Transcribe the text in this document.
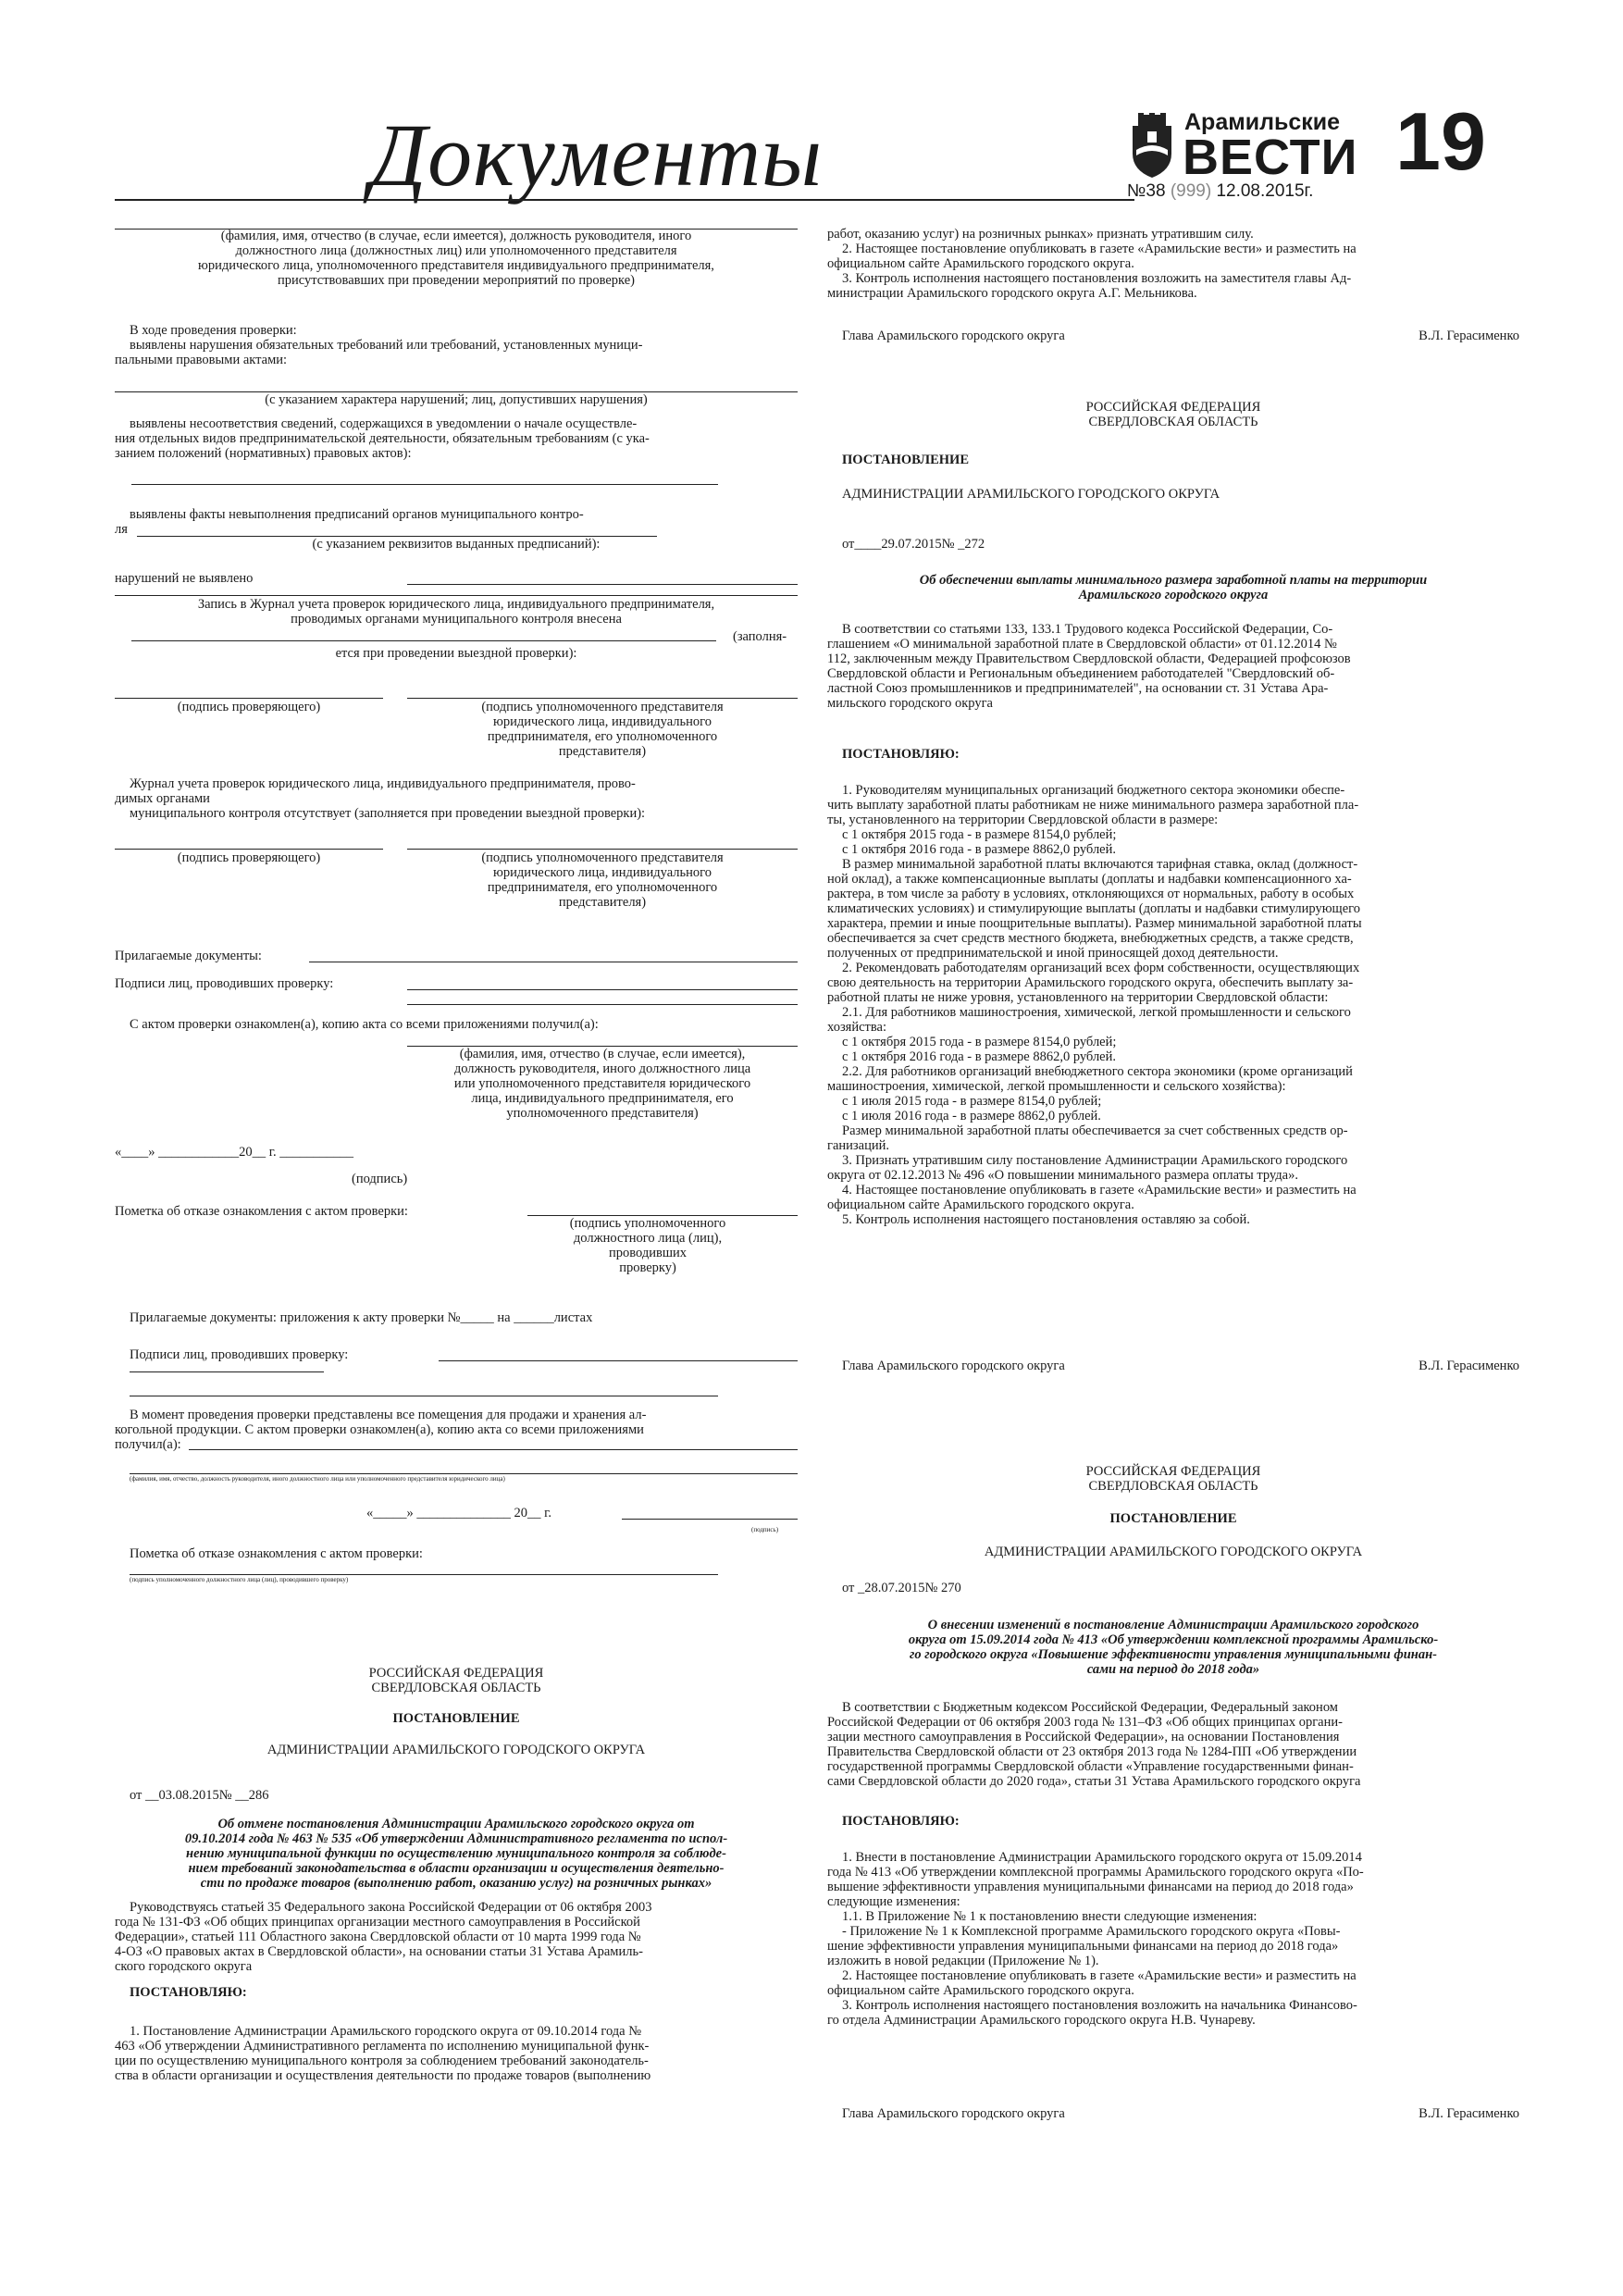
Документы	Арамильские
ВЕСТИ
№38 (999) 12.08.2015г.
19
(фамилия, имя, отчество (в случае, если имеется), должность руководителя, иного
должностного лица (должностных лиц) или уполномоченного представителя
юридического лица, уполномоченного представителя индивидуального предпринимателя,
присутствовавших при проведении мероприятий по проверке)
В ходе проведения проверки:
выявлены нарушения обязательных требований или требований, установленных муници-
пальными правовыми актами:
(с указанием характера нарушений; лиц, допустивших нарушения)
выявлены несоответствия сведений, содержащихся в уведомлении о начале осуществле-
ния отдельных видов предпринимательской деятельности, обязательным требованиям (с ука-
занием положений (нормативных) правовых актов):
выявлены факты невыполнения предписаний органов муниципального контро-
ля
(с указанием реквизитов выданных предписаний):
нарушений не выявлено
Запись в Журнал учета проверок юридического лица, индивидуального предпринимателя,
проводимых органами муниципального контроля внесена
(заполня-
ется при проведении выездной проверки):
(подпись проверяющего)	(подпись уполномоченного представителя
юридического лица, индивидуального
предпринимателя, его уполномоченного
представителя)
Журнал учета проверок юридического лица, индивидуального предпринимателя, прово-
димых органами
муниципального контроля отсутствует (заполняется при проведении выездной проверки):
(подпись проверяющего)	(подпись уполномоченного представителя
юридического лица, индивидуального
предпринимателя, его уполномоченного
представителя)
Прилагаемые документы:
Подписи лиц, проводивших проверку:
С актом проверки ознакомлен(а), копию акта со всеми приложениями получил(а):
(фамилия, имя, отчество (в случае, если имеется),
должность руководителя, иного должностного лица
или уполномоченного представителя юридического
лица, индивидуального предпринимателя, его
уполномоченного представителя)
«____» ____________20__ г. ___________
(подпись)
Пометка об отказе ознакомления с актом проверки:
(подпись уполномоченного
должностного лица (лиц),
проводивших
проверку)
Прилагаемые документы: приложения к акту проверки №_____ на ______листах
Подписи лиц, проводивших проверку:
В момент проведения проверки представлены все помещения для продажи и хранения ал-
когольной продукции. С актом проверки ознакомлен(а), копию акта со всеми приложениями
получил(а):
(фамилия, имя, отчество, должность руководителя, иного должностного лица или уполномоченного представителя юридического лица)
«_____» ______________ 20__ г.
(подпись)
Пометка об отказе ознакомления с актом проверки:
(подпись уполномоченного должностного лица (лиц), проводившего проверку)
РОССИЙСКАЯ ФЕДЕРАЦИЯ
СВЕРДЛОВСКАЯ ОБЛАСТЬ
ПОСТАНОВЛЕНИЕ
АДМИНИСТРАЦИИ АРАМИЛЬСКОГО ГОРОДСКОГО ОКРУГА
от __03.08.2015№ __286
Об отмене постановления Администрации Арамильского городского округа от
09.10.2014 года № 463 № 535 «Об утверждении Административного регламента по испол-
нению муниципальной функции по осуществлению муниципального контроля за соблюде-
нием требований законодательства в области организации и осуществления деятельно-
сти по продаже товаров (выполнению работ, оказанию услуг) на розничных рынках»
Руководствуясь статьей 35 Федерального закона Российской Федерации от 06 октября 2003
года № 131-ФЗ «Об общих принципах организации местного самоуправления в Российской
Федерации», статьей 111 Областного закона Свердловской области от 10 марта 1999 года №
4-ОЗ «О правовых актах в Свердловской области», на основании статьи 31 Устава Арамиль-
ского городского округа
ПОСТАНОВЛЯЮ:
1. Постановление Администрации Арамильского городского округа от 09.10.2014 года №
463 «Об утверждении Административного регламента по исполнению муниципальной функ-
ции по осуществлению муниципального контроля за соблюдением требований законодатель-
ства в области организации и осуществления деятельности по продаже товаров (выполнению
работ, оказанию услуг) на розничных рынках» признать утратившим силу.
2. Настоящее постановление опубликовать в газете «Арамильские вести» и разместить на
официальном сайте Арамильского городского округа.
3. Контроль исполнения настоящего постановления возложить на заместителя главы Ад-
министрации Арамильского городского округа А.Г. Мельникова.
Глава Арамильского городского округа	В.Л. Герасименко
РОССИЙСКАЯ ФЕДЕРАЦИЯ
СВЕРДЛОВСКАЯ ОБЛАСТЬ
ПОСТАНОВЛЕНИЕ
АДМИНИСТРАЦИИ АРАМИЛЬСКОГО ГОРОДСКОГО ОКРУГА
от____29.07.2015№ _272
Об обеспечении выплаты минимального размера заработной платы на территории
Арамильского городского округа
В соответствии со статьями 133, 133.1 Трудового кодекса Российской Федерации, Со-
глашением «О минимальной заработной плате в Свердловской области» от 01.12.2014 №
112, заключенным между Правительством Свердловской области, Федерацией профсоюзов
Свердловской области и Региональным объединением работодателей "Свердловский об-
ластной Союз промышленников и предпринимателей", на основании ст. 31 Устава Ара-
мильского городского округа
ПОСТАНОВЛЯЮ:
1. Руководителям муниципальных организаций бюджетного сектора экономики обеспе-
чить выплату заработной платы работникам не ниже минимального размера заработной пла-
ты, установленного на территории Свердловской области в размере:
с 1 октября 2015 года - в размере 8154,0 рублей;
с 1 октября 2016 года - в размере 8862,0 рублей.
В размер минимальной заработной платы включаются тарифная ставка, оклад (должност-
ной оклад), а также компенсационные выплаты (доплаты и надбавки компенсационного ха-
рактера, в том числе за работу в условиях, отклоняющихся от нормальных, работу в особых
климатических условиях) и стимулирующие выплаты (доплаты и надбавки стимулирующего
характера, премии и иные поощрительные выплаты). Размер минимальной заработной платы
обеспечивается за счет средств местного бюджета, внебюджетных средств, а также средств,
полученных от предпринимательской и иной приносящей доход деятельности.
2. Рекомендовать работодателям организаций всех форм собственности, осуществляющих
свою деятельность на территории Арамильского городского округа, обеспечить выплату за-
работной платы не ниже уровня, установленного на территории Свердловской области:
2.1. Для работников машиностроения, химической, легкой промышленности и сельского
хозяйства:
с 1 октября 2015 года - в размере 8154,0 рублей;
с 1 октября 2016 года - в размере 8862,0 рублей.
2.2. Для работников организаций внебюджетного сектора экономики (кроме организаций
машиностроения, химической, легкой промышленности и сельского хозяйства):
с 1 июля 2015 года - в размере 8154,0 рублей;
с 1 июля 2016 года - в размере 8862,0 рублей.
Размер минимальной заработной платы обеспечивается за счет собственных средств ор-
ганизаций.
3. Признать утратившим силу постановление Администрации Арамильского городского
округа от 02.12.2013 № 496 «О повышении минимального размера оплаты труда».
4. Настоящее постановление опубликовать в газете «Арамильские вести» и разместить на
официальном сайте Арамильского городского округа.
5. Контроль исполнения настоящего постановления оставляю за собой.
Глава Арамильского городского округа	В.Л. Герасименко
РОССИЙСКАЯ ФЕДЕРАЦИЯ
СВЕРДЛОВСКАЯ ОБЛАСТЬ
ПОСТАНОВЛЕНИЕ
АДМИНИСТРАЦИИ АРАМИЛЬСКОГО ГОРОДСКОГО ОКРУГА
от _28.07.2015№ 270
О внесении изменений в постановление Администрации Арамильского городского
округа от 15.09.2014 года № 413 «Об утверждении комплексной программы Арамильско-
го городского округа «Повышение эффективности управления муниципальными финан-
сами на период до 2018 года»
В соответствии с Бюджетным кодексом Российской Федерации, Федеральный законом
Российской Федерации от 06 октября 2003 года № 131–ФЗ «Об общих принципах органи-
зации местного самоуправления в Российской Федерации», на основании Постановления
Правительства Свердловской области от 23 октября 2013 года № 1284-ПП «Об утверждении
государственной программы Свердловской области «Управление государственными финан-
сами Свердловской области до 2020 года», статьи 31 Устава Арамильского городского округа
ПОСТАНОВЛЯЮ:
1. Внести в постановление Администрации Арамильского городского округа от 15.09.2014
года № 413 «Об утверждении комплексной программы Арамильского городского округа «По-
вышение эффективности управления муниципальными финансами на период до 2018 года»
следующие изменения:
1.1. В Приложение № 1 к постановлению внести следующие изменения:
- Приложение № 1 к Комплексной программе Арамильского городского округа «Повы-
шение эффективности управления муниципальными финансами на период до 2018 года»
изложить в новой редакции (Приложение № 1).
2. Настоящее постановление опубликовать в газете «Арамильские вести» и разместить на
официальном сайте Арамильского городского округа.
3. Контроль исполнения настоящего постановления возложить на начальника Финансово-
го отдела Администрации Арамильского городского округа Н.В. Чунареву.
Глава Арамильского городского округа	В.Л. Герасименко
